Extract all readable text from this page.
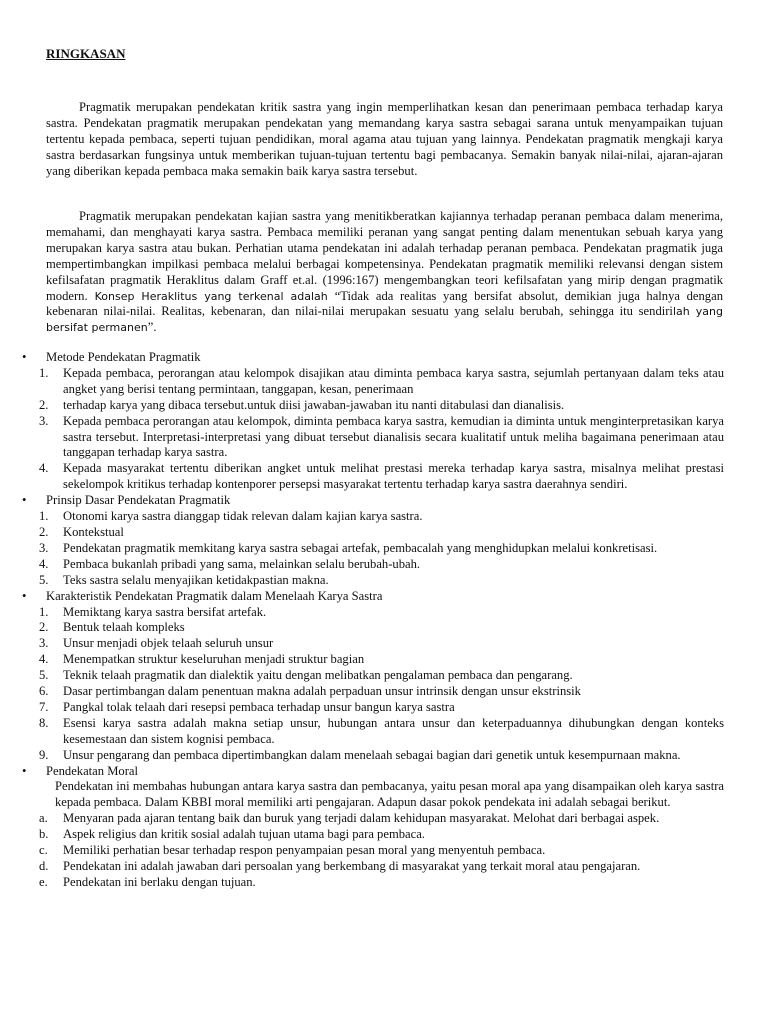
RINGKASAN

Pragmatik merupakan pendekatan kritik sastra yang ingin memperlihatkan kesan dan penerimaan pembaca terhadap karya sastra. Pendekatan pragmatik merupakan pendekatan yang memandang karya sastra sebagai sarana untuk menyampaikan tujuan tertentu kepada pembaca, seperti tujuan pendidikan, moral agama atau tujuan yang lainnya. Pendekatan pragmatik mengkaji karya sastra berdasarkan fungsinya untuk memberikan tujuan-tujuan tertentu bagi pembacanya. Semakin banyak nilai-nilai, ajaran-ajaran yang diberikan kepada pembaca maka semakin baik karya sastra tersebut.

Pragmatik merupakan pendekatan kajian sastra yang menitikberatkan kajiannya terhadap peranan pembaca dalam menerima, memahami, dan menghayati karya sastra. Pembaca memiliki peranan yang sangat penting dalam menentukan sebuah karya yang merupakan karya sastra atau bukan. Perhatian utama pendekatan ini adalah terhadap peranan pembaca. Pendekatan pragmatik juga mempertimbangkan impilkasi pembaca melalui berbagai kompetensinya. Pendekatan pragmatik memiliki relevansi dengan sistem kefilsafatan pragmatik Heraklitus dalam Graff et.al. (1996:167) mengembangkan teori kefilsafatan yang mirip dengan pragmatik modern. Konsep Heraklitus yang terkenal adalah “Tidak ada realitas yang bersifat absolut, demikian juga halnya dengan kebenaran nilai-nilai. Realitas, kebenaran, dan nilai-nilai merupakan sesuatu yang selalu berubah, sehingga itu sendirilah yang bersifat permanen”.

•	Metode Pendekatan Pragmatik
1. Kepada pembaca, perorangan atau kelompok disajikan atau diminta pembaca karya sastra, sejumlah pertanyaan dalam teks atau angket yang berisi tentang permintaan, tanggapan, kesan, penerimaan
2. terhadap karya yang dibaca tersebut.untuk diisi jawaban-jawaban itu nanti ditabulasi dan dianalisis.
3. Kepada pembaca perorangan atau kelompok, diminta pembaca karya sastra, kemudian ia diminta untuk menginterpretasikan karya sastra tersebut. Interpretasi-interpretasi yang dibuat tersebut dianalisis secara kualitatif untuk meliha bagaimana penerimaan atau tanggapan terhadap karya sastra.
4. Kepada masyarakat tertentu diberikan angket untuk melihat prestasi mereka terhadap karya sastra, misalnya melihat prestasi sekelompok kritikus terhadap kontenporer persepsi masyarakat tertentu terhadap karya sastra daerahnya sendiri.
•	Prinsip Dasar Pendekatan Pragmatik
1. Otonomi karya sastra dianggap tidak relevan dalam kajian karya sastra.
2. Kontekstual
3. Pendekatan pragmatik memkitang karya sastra sebagai artefak, pembacalah yang menghidupkan melalui konkretisasi.
4. Pembaca bukanlah pribadi yang sama, melainkan selalu berubah-ubah.
5. Teks sastra selalu menyajikan ketidakpastian makna.
•	Karakteristik Pendekatan Pragmatik dalam Menelaah Karya Sastra
1. Memiktang karya sastra bersifat artefak.
2. Bentuk telaah kompleks
3. Unsur menjadi objek telaah seluruh unsur
4. Menempatkan struktur keseluruhan menjadi struktur bagian
5. Teknik telaah pragmatik dan dialektik yaitu dengan melibatkan pengalaman pembaca dan pengarang.
6. Dasar pertimbangan dalam penentuan makna adalah perpaduan unsur intrinsik dengan unsur ekstrinsik
7. Pangkal tolak telaah dari resepsi pembaca terhadap unsur bangun karya sastra
8. Esensi karya sastra adalah makna setiap unsur, hubungan antara unsur dan keterpaduannya dihubungkan dengan konteks kesemestaan dan sistem kognisi pembaca.
9. Unsur pengarang dan pembaca dipertimbangkan dalam menelaah sebagai bagian dari genetik untuk kesempurnaan makna.
•	Pendekatan Moral
Pendekatan ini membahas hubungan antara karya sastra dan pembacanya, yaitu pesan moral apa yang disampaikan oleh karya sastra kepada pembaca. Dalam KBBI moral memiliki arti pengajaran. Adapun dasar pokok pendekata ini adalah sebagai berikut.
a. Menyaran pada ajaran tentang baik dan buruk yang terjadi dalam kehidupan masyarakat. Melohat dari berbagai aspek.
b. Aspek religius dan kritik sosial adalah tujuan utama bagi para pembaca.
c. Memiliki perhatian besar terhadap respon penyampaian pesan moral yang menyentuh pembaca.
d. Pendekatan ini adalah jawaban dari persoalan yang berkembang di masyarakat yang terkait moral atau pengajaran.
e. Pendekatan ini berlaku dengan tujuan.
